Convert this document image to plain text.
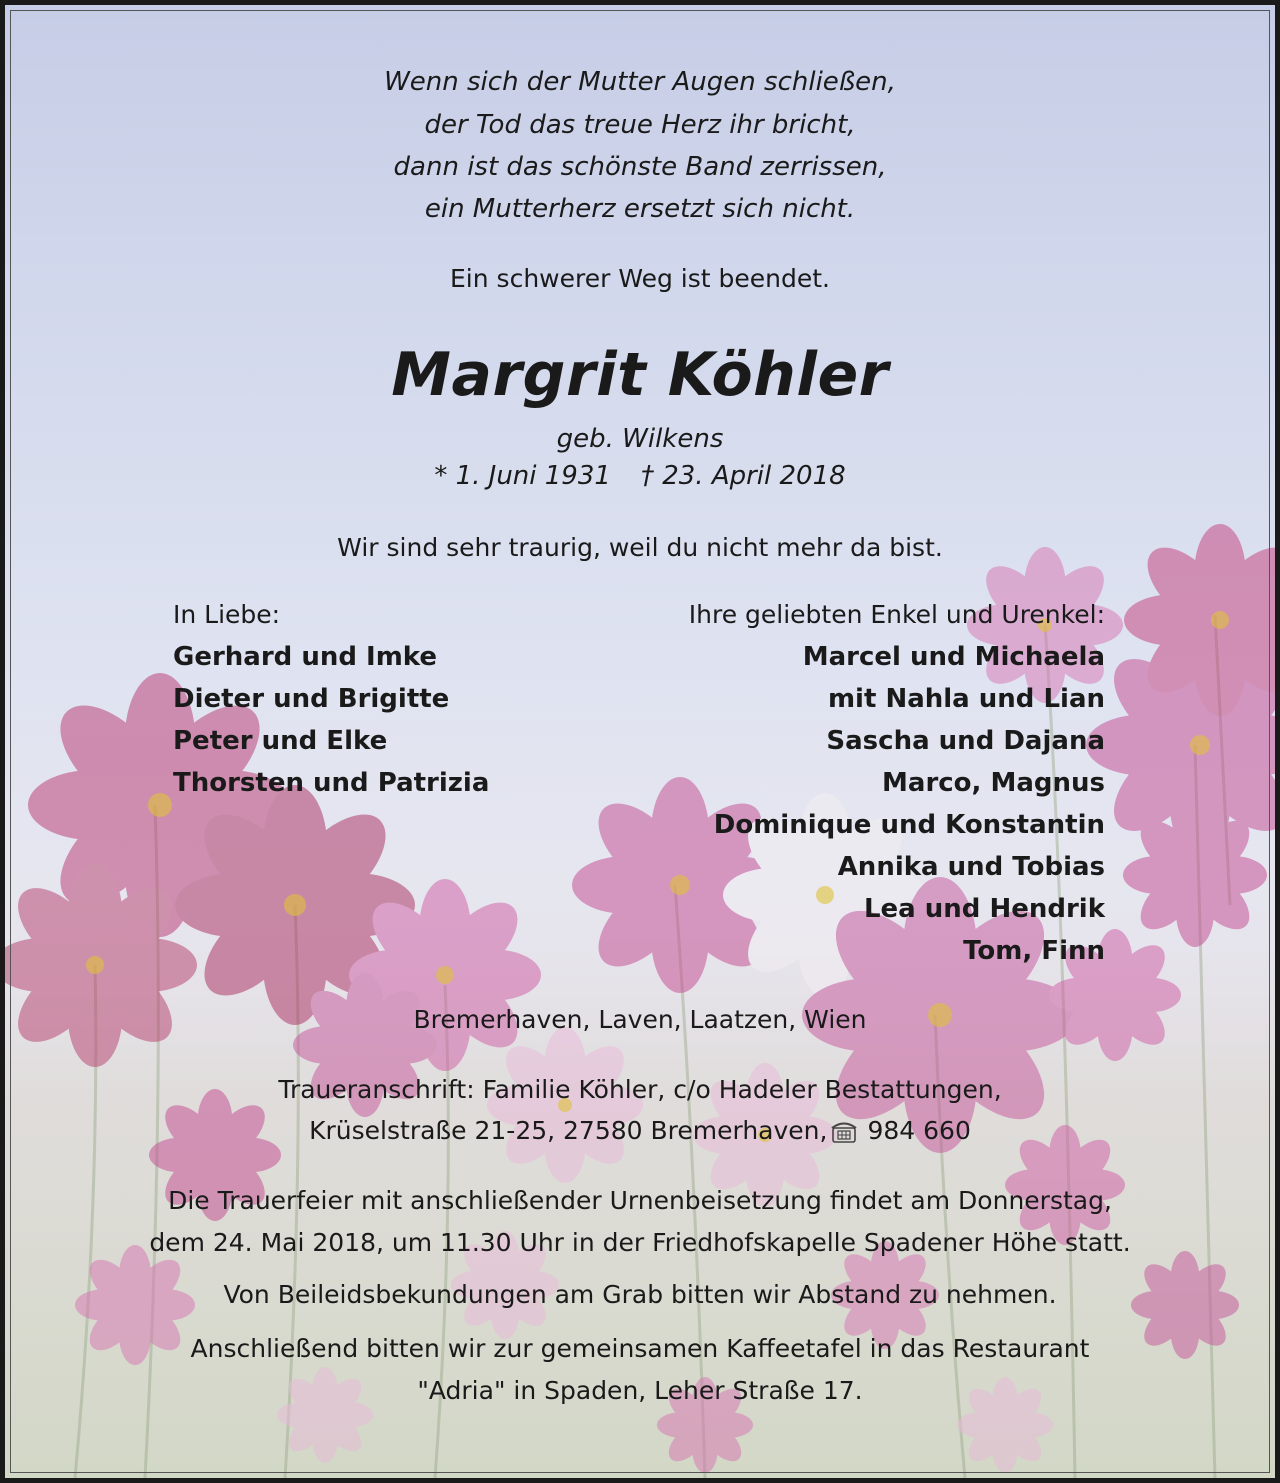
Wenn sich der Mutter Augen schließen,
der Tod das treue Herz ihr bricht,
dann ist das schönste Band zerrissen,
ein Mutterherz ersetzt sich nicht.
Ein schwerer Weg ist beendet.
Margrit Köhler
geb. Wilkens
* 1. Juni 1931 † 23. April 2018
Wir sind sehr traurig, weil du nicht mehr da bist.
In Liebe:
Gerhard und Imke
Dieter und Brigitte
Peter und Elke
Thorsten und Patrizia
Ihre geliebten Enkel und Urenkel:
Marcel und Michaela
mit Nahla und Lian
Sascha und Dajana
Marco, Magnus
Dominique und Konstantin
Annika und Tobias
Lea und Hendrik
Tom, Finn
Bremerhaven, Laven, Laatzen, Wien
Traueranschrift: Familie Köhler, c/o Hadeler Bestattungen,
Krüselstraße 21-25, 27580 Bremerhaven, 984 660
Die Trauerfeier mit anschließender Urnenbeisetzung findet am Donnerstag,
dem 24. Mai 2018, um 11.30 Uhr in der Friedhofskapelle Spadener Höhe statt.
Von Beileidsbekundungen am Grab bitten wir Abstand zu nehmen.
Anschließend bitten wir zur gemeinsamen Kaffeetafel in das Restaurant
"Adria" in Spaden, Leher Straße 17.
